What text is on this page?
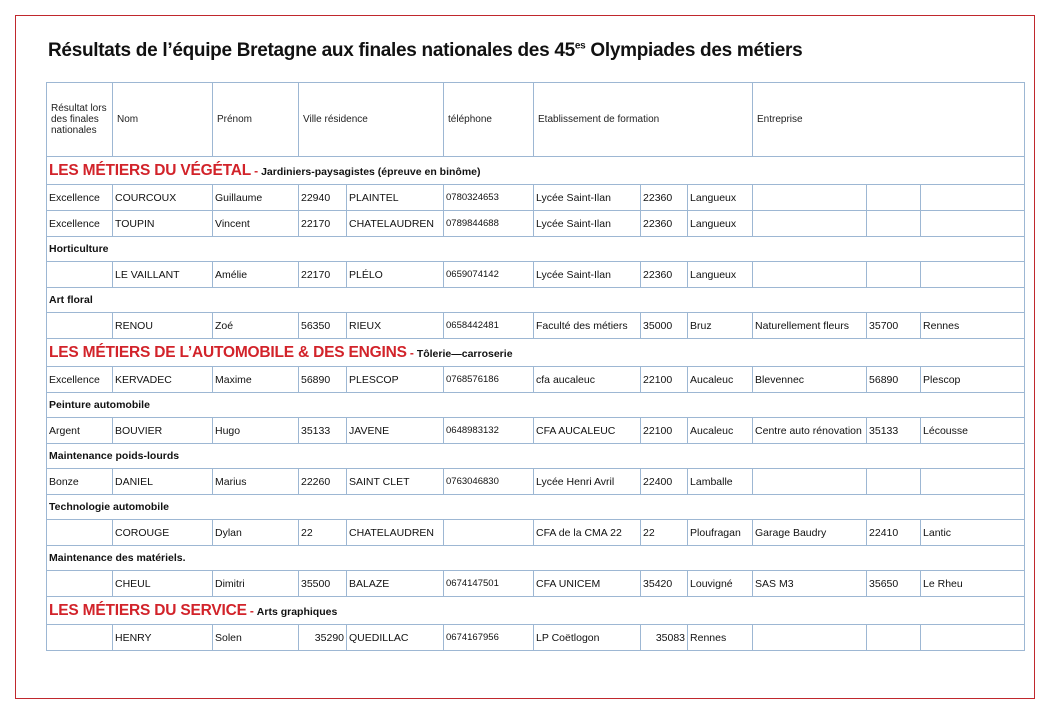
Résultats de l’équipe Bretagne aux finales nationales des $45^{es}$ Olympiades des métiers
Résultat lors des finales nationales	Nom	Prénom	Ville résidence		téléphone	Etablissement de formation			Entreprise		
LES MÉTIERS DU VÉGÉTAL - Jardiniers-paysagistes (épreuve en binôme)											
Excellence	COURCOUX	Guillaume	22940	PLAINTEL	0780324653	Lycée Saint-Ilan	22360	Langueux			
Excellence	TOUPIN	Vincent	22170	CHATELAUDREN	0789844688	Lycée Saint-Ilan	22360	Langueux			
Horticulture											
	LE VAILLANT	Amélie	22170	PLÉLO	0659074142	Lycée Saint-Ilan	22360	Langueux			
Art floral											
	RENOU	Zoé	56350	RIEUX	0658442481	Faculté des métiers	35000	Bruz	Naturellement fleurs	35700	Rennes
LES MÉTIERS DE L’AUTOMOBILE & DES ENGINS - Tôlerie—carroserie											
Excellence	KERVADEC	Maxime	56890	PLESCOP	0768576186	cfa aucaleuc	22100	Aucaleuc	Blevennec	56890	Plescop
Peinture automobile											
Argent	BOUVIER	Hugo	35133	JAVENE	0648983132	CFA AUCALEUC	22100	Aucaleuc	Centre auto rénovation	35133	Lécousse
Maintenance poids-lourds											
Bonze	DANIEL	Marius	22260	SAINT CLET	0763046830	Lycée Henri Avril	22400	Lamballe			
Technologie automobile											
	COROUGE	Dylan	22	CHATELAUDREN		CFA de la CMA 22	22	Ploufragan	Garage Baudry	22410	Lantic
Maintenance des matériels.											
	CHEUL	Dimitri	35500	BALAZE	0674147501	CFA UNICEM	35420	Louvigné	SAS M3	35650	Le Rheu
LES MÉTIERS DU SERVICE - Arts graphiques											
	HENRY	Solen	35290	QUEDILLAC	0674167956	LP Coëtlogon	35083	Rennes			
